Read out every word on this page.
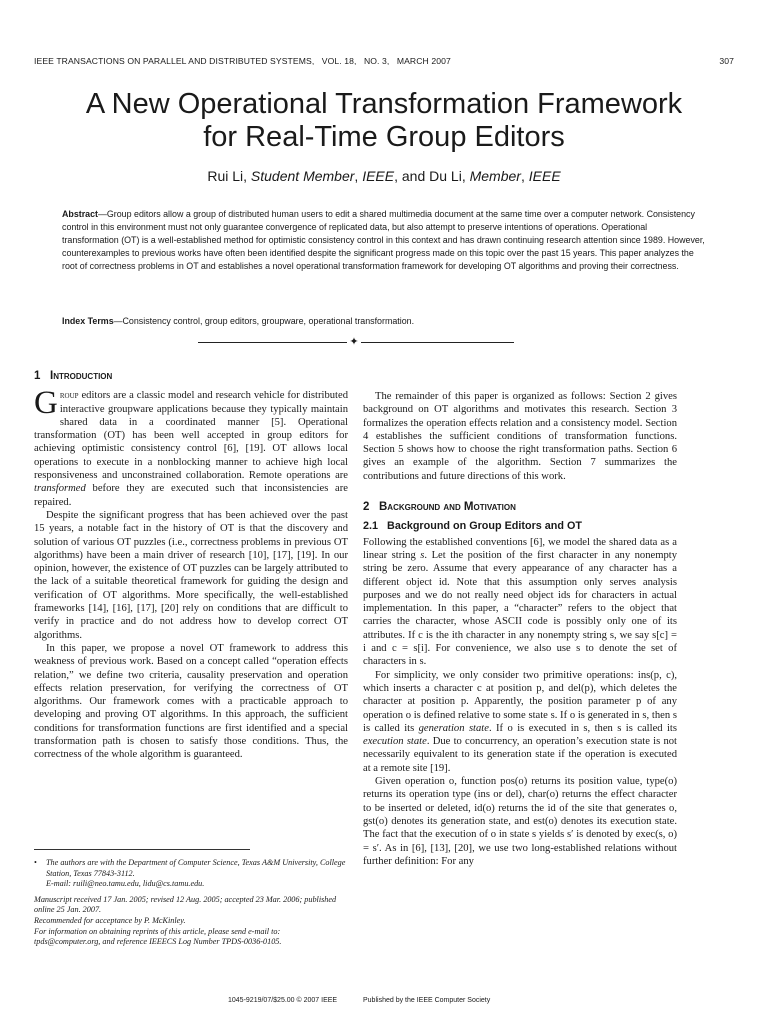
IEEE TRANSACTIONS ON PARALLEL AND DISTRIBUTED SYSTEMS,   VOL. 18,   NO. 3,   MARCH 2007	307
A New Operational Transformation Framework
for Real-Time Group Editors
Rui Li, Student Member, IEEE, and Du Li, Member, IEEE
Abstract—Group editors allow a group of distributed human users to edit a shared multimedia document at the same time over a computer network. Consistency control in this environment must not only guarantee convergence of replicated data, but also attempt to preserve intentions of operations. Operational transformation (OT) is a well-established method for optimistic consistency control in this context and has drawn continuing research attention since 1989. However, counterexamples to previous works have often been identified despite the significant progress made on this topic over the past 15 years. This paper analyzes the root of correctness problems in OT and establishes a novel operational transformation framework for developing OT algorithms and proving their correctness.
Index Terms—Consistency control, group editors, groupware, operational transformation.
✦
1 Introduction

Group editors are a classic model and research vehicle for distributed interactive groupware applications because they typically maintain shared data in a coordinated manner [5]. Operational transformation (OT) has been well accepted in group editors for achieving optimistic consistency control [6], [19]. OT allows local operations to execute in a nonblocking manner to achieve high local responsiveness and unconstrained collaboration. Remote operations are transformed before they are executed such that inconsistencies are repaired.

Despite the significant progress that has been achieved over the past 15 years, a notable fact in the history of OT is that the discovery and solution of various OT puzzles (i.e., correctness problems in previous OT algorithms) have been a main driver of research [10], [17], [19]. In our opinion, however, the existence of OT puzzles can be largely attributed to the lack of a suitable theoretical framework for guiding the design and verification of OT algorithms. More specifically, the well-established frameworks [14], [16], [17], [20] rely on conditions that are difficult to verify in practice and do not address how to develop correct OT algorithms.

In this paper, we propose a novel OT framework to address this weakness of previous work. Based on a concept called “operation effects relation,” we define two criteria, causality preservation and operation effects relation preservation, for verifying the correctness of OT algorithms. Our framework comes with a practicable approach to developing and proving OT algorithms. In this approach, the sufficient conditions for transformation functions are first identified and a special transformation path is chosen to satisfy those conditions. Thus, the correctness of the whole algorithm is guaranteed.

•	The authors are with the Department of Computer Science, Texas A&M University, College Station, Texas 77843-3112.
E-mail: ruili@neo.tamu.edu, lidu@cs.tamu.edu.
Manuscript received 17 Jan. 2005; revised 12 Aug. 2005; accepted 23 Mar. 2006; published online 25 Jan. 2007.
Recommended for acceptance by P. McKinley.
For information on obtaining reprints of this article, please send e-mail to: tpds@computer.org, and reference IEEECS Log Number TPDS-0036-0105.

The remainder of this paper is organized as follows: Section 2 gives background on OT algorithms and motivates this research. Section 3 formalizes the operation effects relation and a consistency model. Section 4 establishes the sufficient conditions of transformation functions. Section 5 shows how to choose the right transformation paths. Section 6 gives an example of the algorithm. Section 7 summarizes the contributions and future directions of this work.

2 Background and Motivation
2.1 Background on Group Editors and OT

Following the established conventions [6], we model the shared data as a linear string s. Let the position of the first character in any nonempty string be zero. Assume that every appearance of any character has a different object id. Note that this assumption only serves analysis purposes and we do not really need object ids for characters in actual implementation. In this paper, a “character” refers to the object that carries the character, whose ASCII code is possibly only one of its attributes. If c is the ith character in any nonempty string s, we say s[c] = i and c = s[i]. For convenience, we also use s to denote the set of characters in s.

For simplicity, we only consider two primitive operations: ins(p, c), which inserts a character c at position p, and del(p), which deletes the character at position p. Apparently, the position parameter p of any operation o is defined relative to some state s. If o is generated in s, then s is called its generation state. If o is executed in s, then s is called its execution state. Due to concurrency, an operation’s execution state is not necessarily equivalent to its generation state if the operation is executed at a remote site [19].

Given operation o, function pos(o) returns its position value, type(o) returns its operation type (ins or del), char(o) returns the effect character to be inserted or deleted, id(o) returns the id of the site that generates o, gst(o) denotes its generation state, and est(o) denotes its execution state. The fact that the execution of o in state s yields s′ is denoted by exec(s, o) = s′. As in [6], [13], [20], we use two long-established relations without further definition: For any

1045-9219/07/$25.00 © 2007 IEEE	Published by the IEEE Computer Society
